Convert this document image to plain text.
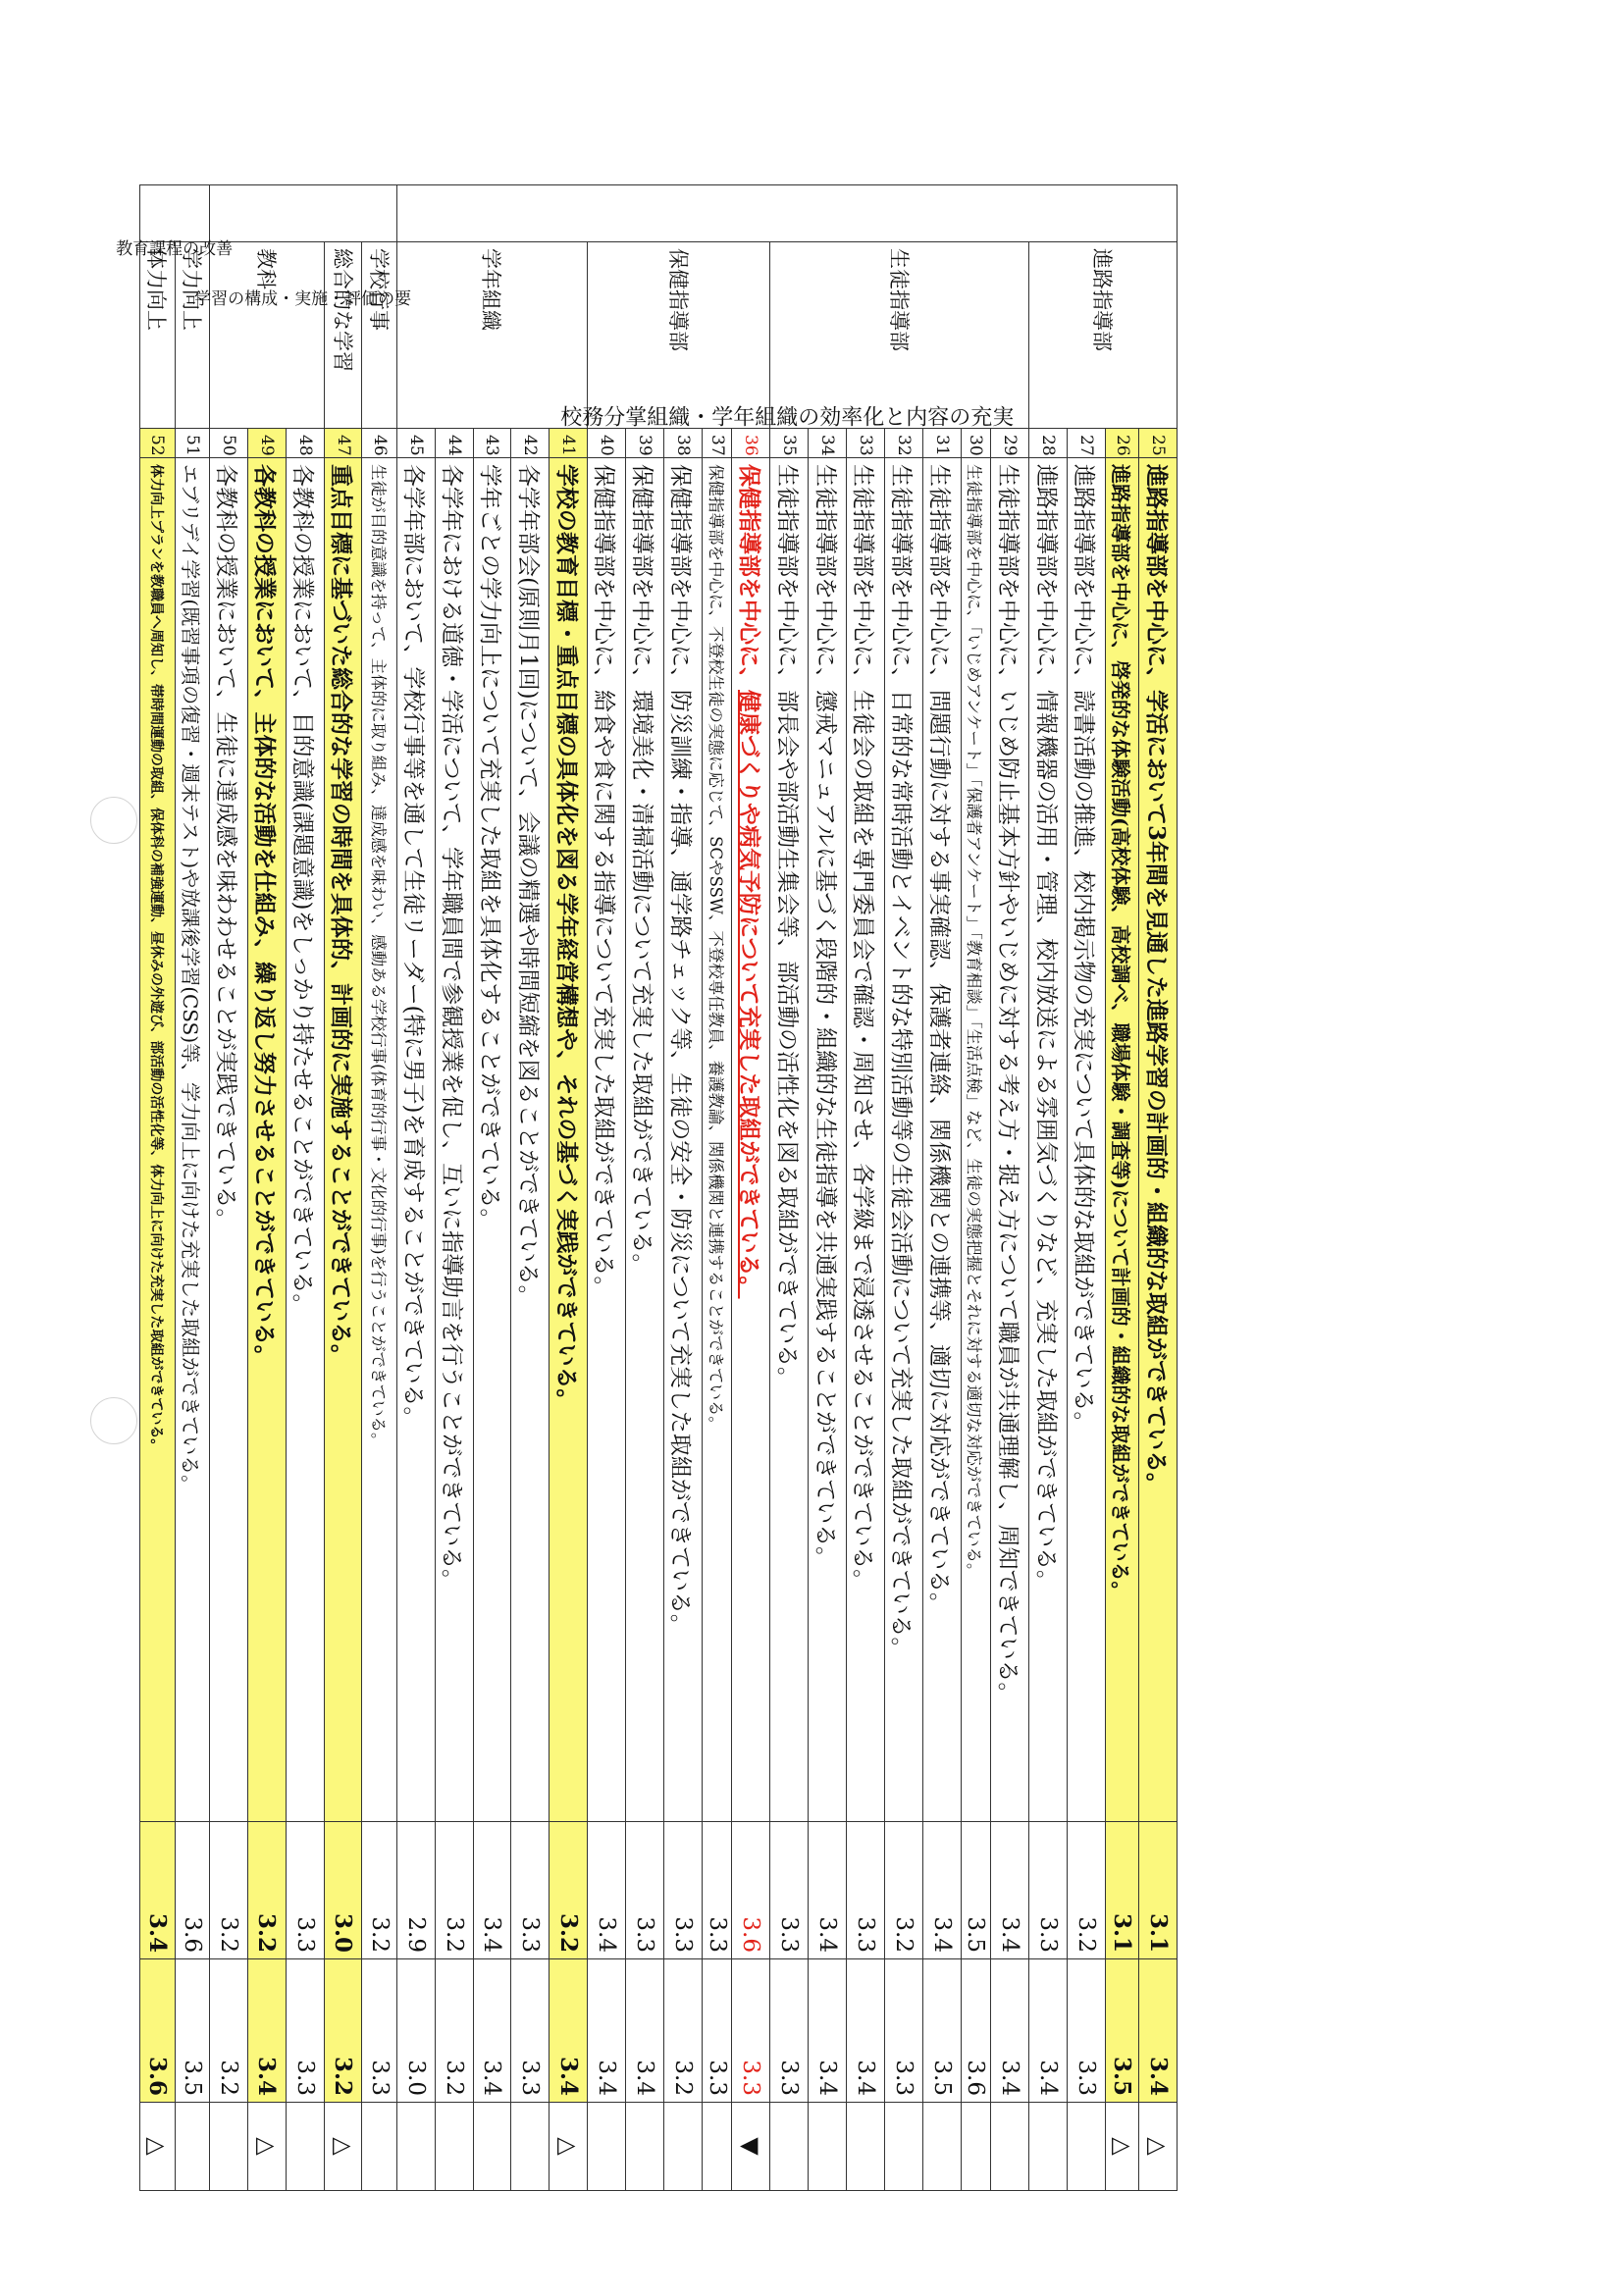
校務分掌組織・学年組織の効率化と内容の充実	進路指導部	25	進路指導部を中心に、学活において3年間を見通した進路学習の計画的・組織的な取組ができている。	3.1	3.4	△
		26	進路指導部を中心に、啓発的な体験活動(高校体験、高校調べ、職場体験・調査等)について計画的・組織的な取組ができている。	3.1	3.5	△
		27	進路指導部を中心に、読書活動の推進、校内掲示物の充実について具体的な取組ができている。	3.2	3.3	
		28	進路指導部を中心に、情報機器の活用・管理、校内放送による雰囲気づくりなど、充実した取組ができている。	3.3	3.4	
	生徒指導部	29	生徒指導部を中心に、いじめ防止基本方針やいじめに対する考え方・捉え方について職員が共通理解し、周知できている。	3.4	3.4	
		30	生徒指導部を中心に、「いじめアンケート」「保護者アンケート」「教育相談」「生活点検」など、生徒の実態把握とそれに対する適切な対応ができている。	3.5	3.6	
		31	生徒指導部を中心に、問題行動に対する事実確認、保護者連絡、関係機関との連携等、適切に対応ができている。	3.4	3.5	
		32	生徒指導部を中心に、日常的な常時活動とイベント的な特別活動等の生徒会活動について充実した取組ができている。	3.2	3.3	
		33	生徒指導部を中心に、生徒会の取組を専門委員会で確認・周知させ、各学級まで浸透させることができている。	3.3	3.4	
		34	生徒指導部を中心に、懲戒マニュアルに基づく段階的・組織的な生徒指導を共通実践することができている。	3.4	3.4	
		35	生徒指導部を中心に、部長会や部活動生集会等、部活動の活性化を図る取組ができている。	3.3	3.3	
	保健指導部	36	保健指導部を中心に、健康づくりや病気予防について充実した取組ができている。	3.6	3.3	▼
		37	保健指導部を中心に、不登校生徒の実態に応じて、SCやSSW、不登校専任教員、養護教諭、関係機関と連携することができている。	3.3	3.3	
		38	保健指導部を中心に、防災訓練・指導、通学路チェック等、生徒の安全・防災について充実した取組ができている。	3.3	3.2	
		39	保健指導部を中心に、環境美化・清掃活動について充実した取組ができている。	3.3	3.4	
		40	保健指導部を中心に、給食や食に関する指導について充実した取組ができている。	3.4	3.4	
	学年組織	41	学校の教育目標・重点目標の具体化を図る学年経営構想や、それの基づく実践ができている。	3.2	3.4	△
		42	各学年部会(原則月1回)について、会議の精選や時間短縮を図ることができている。	3.3	3.3	
		43	学年ごとの学力向上について充実した取組を具体化することができている。	3.4	3.4	
		44	各学年における道徳・学活について、学年職員間で参観授業を促し、互いに指導助言を行うことができている。	3.2	3.2	
		45	各学年部において、学校行事等を通して生徒リーダー(特に男子)を育成することができている。	2.9	3.0	
学習の構成・実施・評価の要	学校行事	46	生徒が目的意識を持って、主体的に取り組み、達成感を味わい、感動ある学校行事(体育的行事・文化的行事)を行うことができている。	3.2	3.3	
	総合的な学習	47	重点目標に基づいた総合的な学習の時間を具体的、計画的に実施することができている。	3.0	3.2	△
	教科	48	各教科の授業において、目的意識(課題意識)をしっかり持たせることができている。	3.3	3.3	
		49	各教科の授業において、主体的な活動を仕組み、繰り返し努力させることができている。	3.2	3.4	△
		50	各教科の授業において、生徒に達成感を味わわせることが実践できている。	3.2	3.2	
教育課程の改善	学力向上	51	エブリデイ学習(既習事項の復習・週末テスト)や放課後学習(CSS)等、学力向上に向けた充実した取組ができている。	3.6	3.5	
	体力向上	52	体力向上プランを教職員へ周知し、帯時間運動の取組、保体科の補強運動、昼休みの外遊び、部活動の活性化等、体力向上に向けた充実した取組ができている。	3.4	3.6	△
